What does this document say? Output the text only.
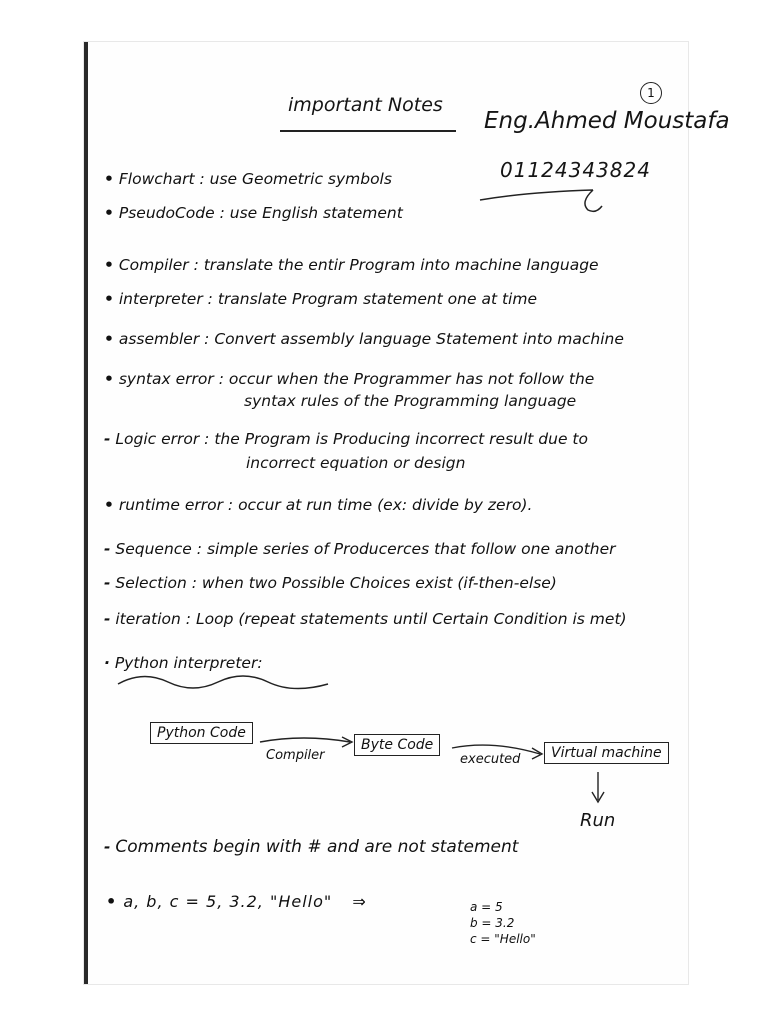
important Notes
Eng.Ahmed Moustafa
1
01124343824
• Flowchart : use Geometric symbols
• PseudoCode : use English statement
• Compiler : translate the entir Program into machine language
• interpreter : translate Program statement one at time
• assembler : Convert assembly language Statement into machine
• syntax error : occur when the Programmer has not follow the
syntax rules of the Programming language
- Logic error : the Program is Producing incorrect result due to
incorrect equation or design
• runtime error : occur at run time (ex: divide by zero).
- Sequence : simple series of Producerces that follow one another
- Selection : when two Possible Choices exist (if-then-else)
- iteration : Loop (repeat statements until Certain Condition is met)
· Python interpreter:
Python Code
Compiler
Byte Code
executed	Virtual machine
Run
- Comments begin with # and are not statement
• a, b, c = 5, 3.2, "Hello" ⇒	a = 5
b = 3.2
c = "Hello"
